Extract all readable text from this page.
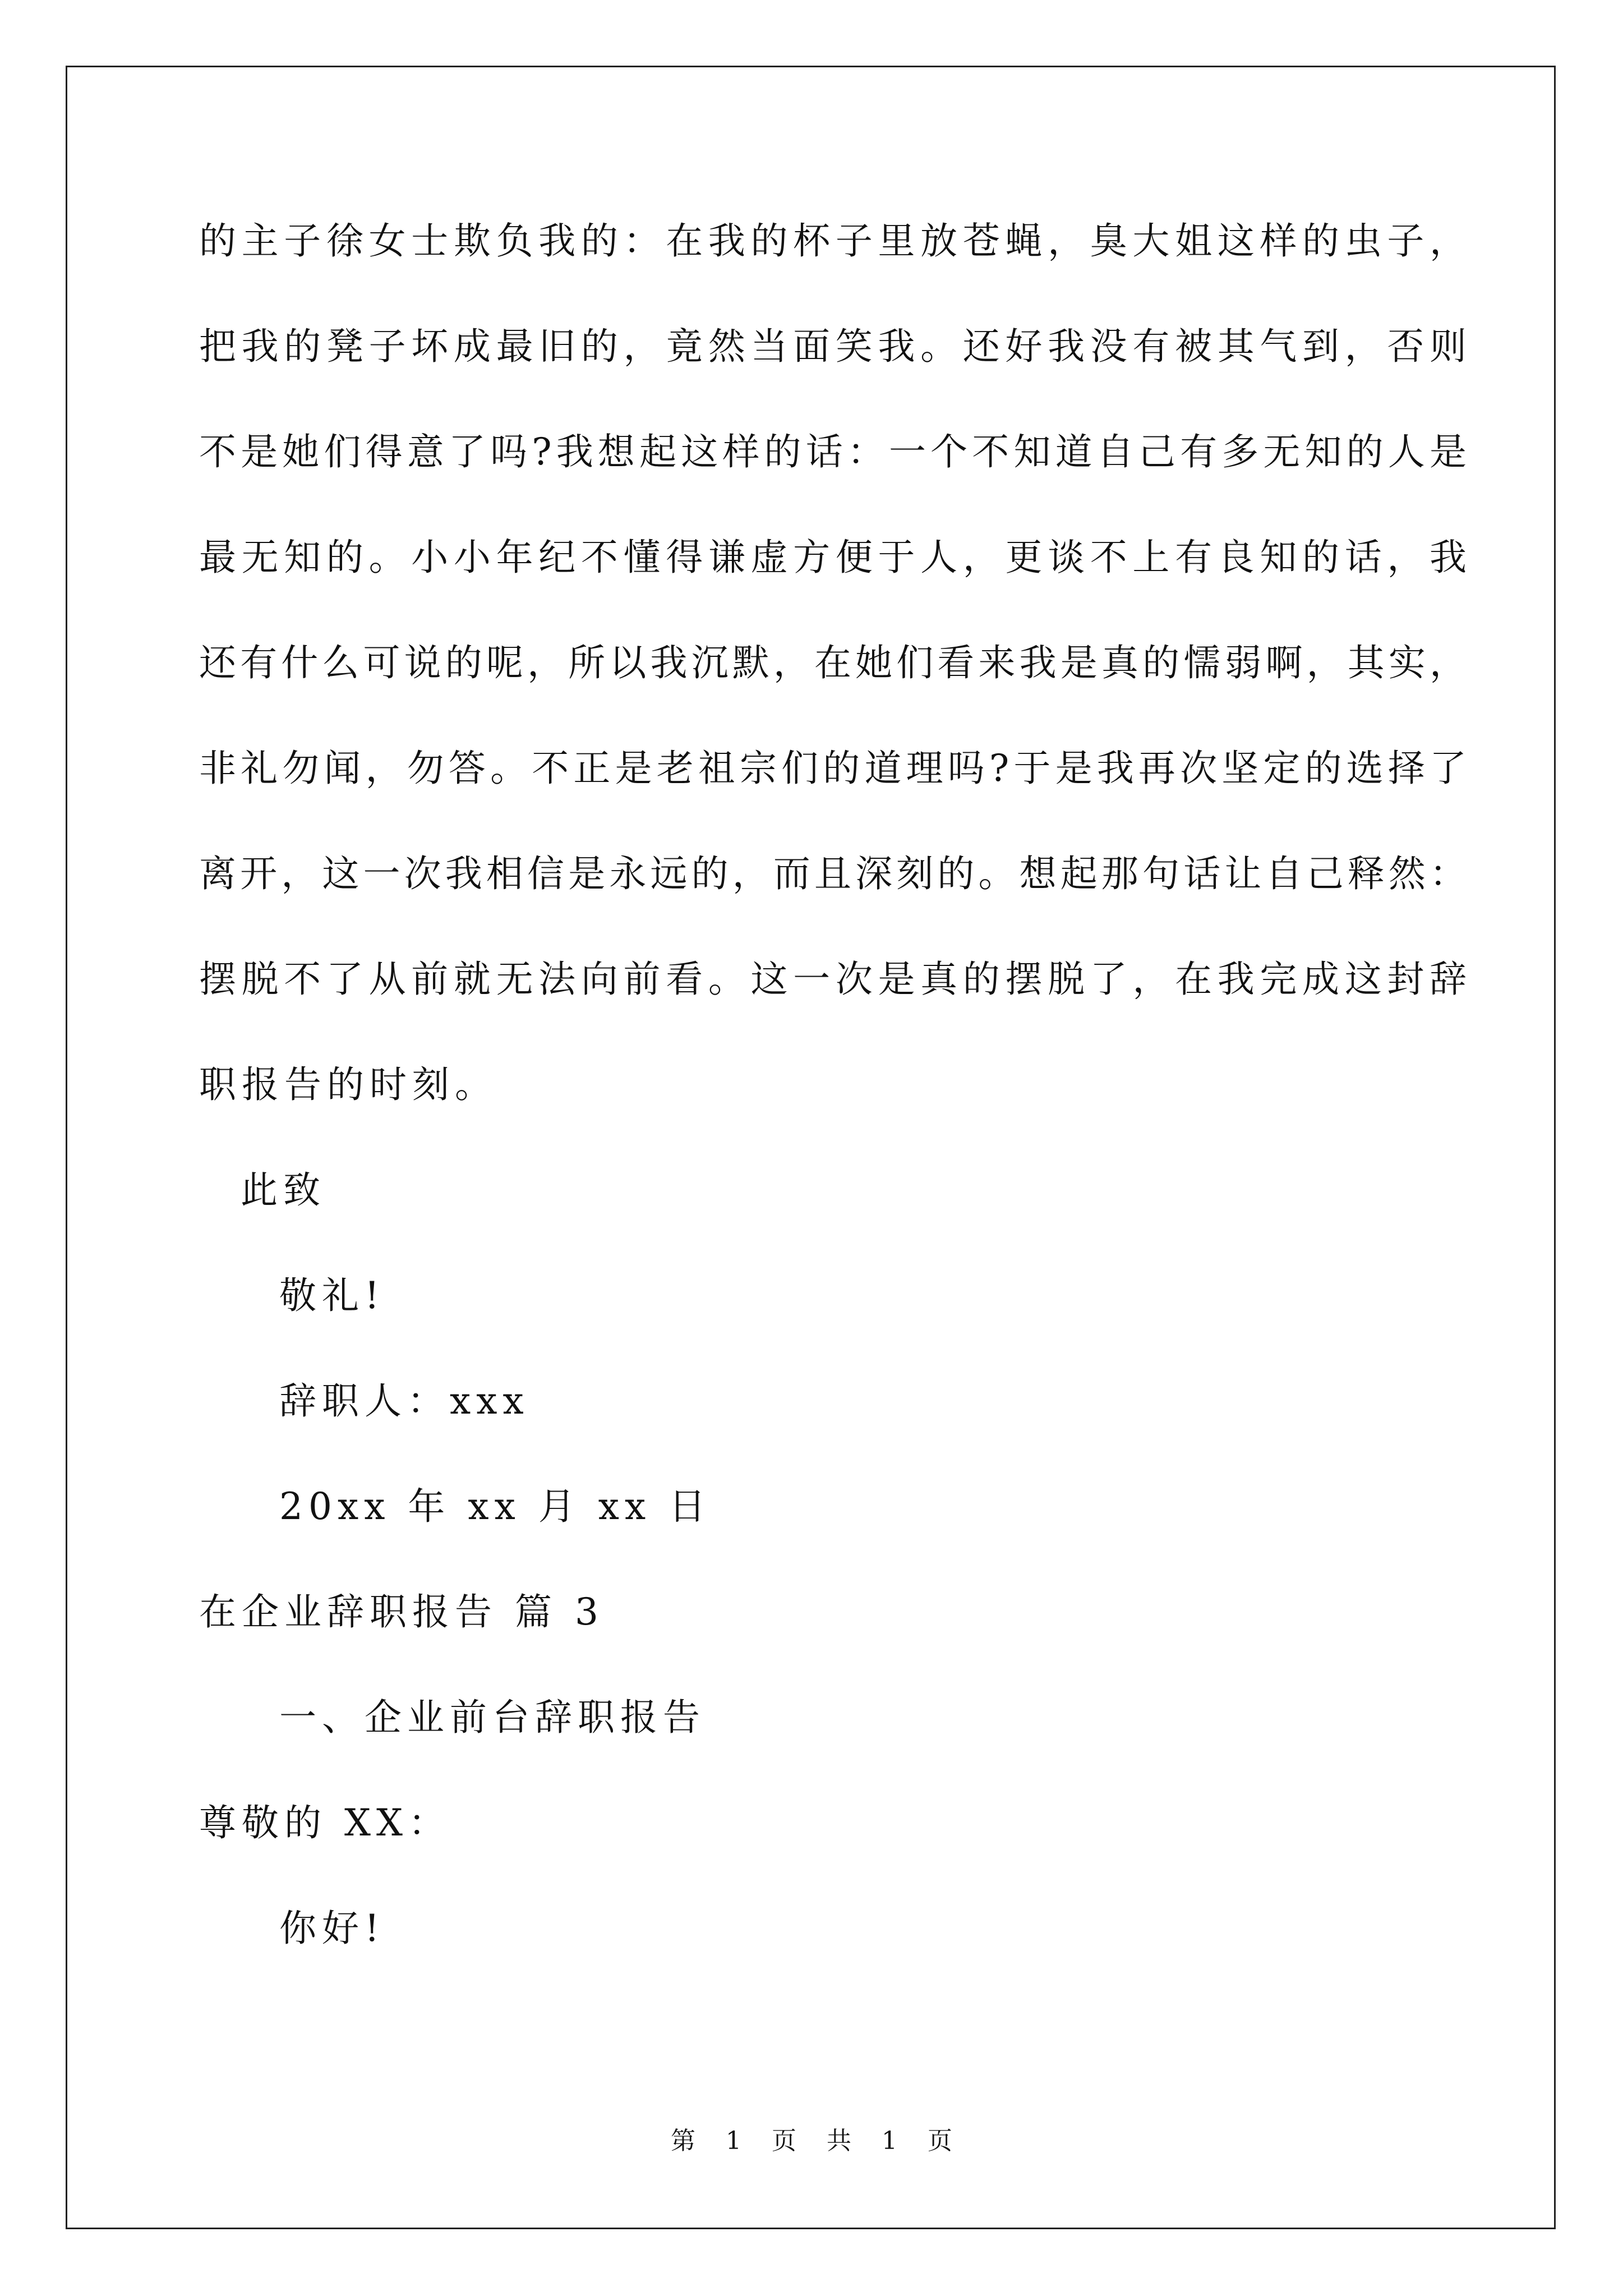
的主子徐女士欺负我的：在我的杯子里放苍蝇，臭大姐这样的虫子，
把我的凳子坏成最旧的，竟然当面笑我。还好我没有被其气到，否则
不是她们得意了吗?我想起这样的话：一个不知道自己有多无知的人是
最无知的。小小年纪不懂得谦虚方便于人，更谈不上有良知的话，我
还有什么可说的呢，所以我沉默，在她们看来我是真的懦弱啊，其实，
非礼勿闻，勿答。不正是老祖宗们的道理吗?于是我再次坚定的选择了
离开，这一次我相信是永远的，而且深刻的。想起那句话让自己释然：
摆脱不了从前就无法向前看。这一次是真的摆脱了，在我完成这封辞
职报告的时刻。
此致
敬礼!
辞职人：xxx
20xx 年 xx 月 xx 日
在企业辞职报告 篇 3
一、企业前台辞职报告
尊敬的 XX：
你好!
第 1 页 共 1 页
